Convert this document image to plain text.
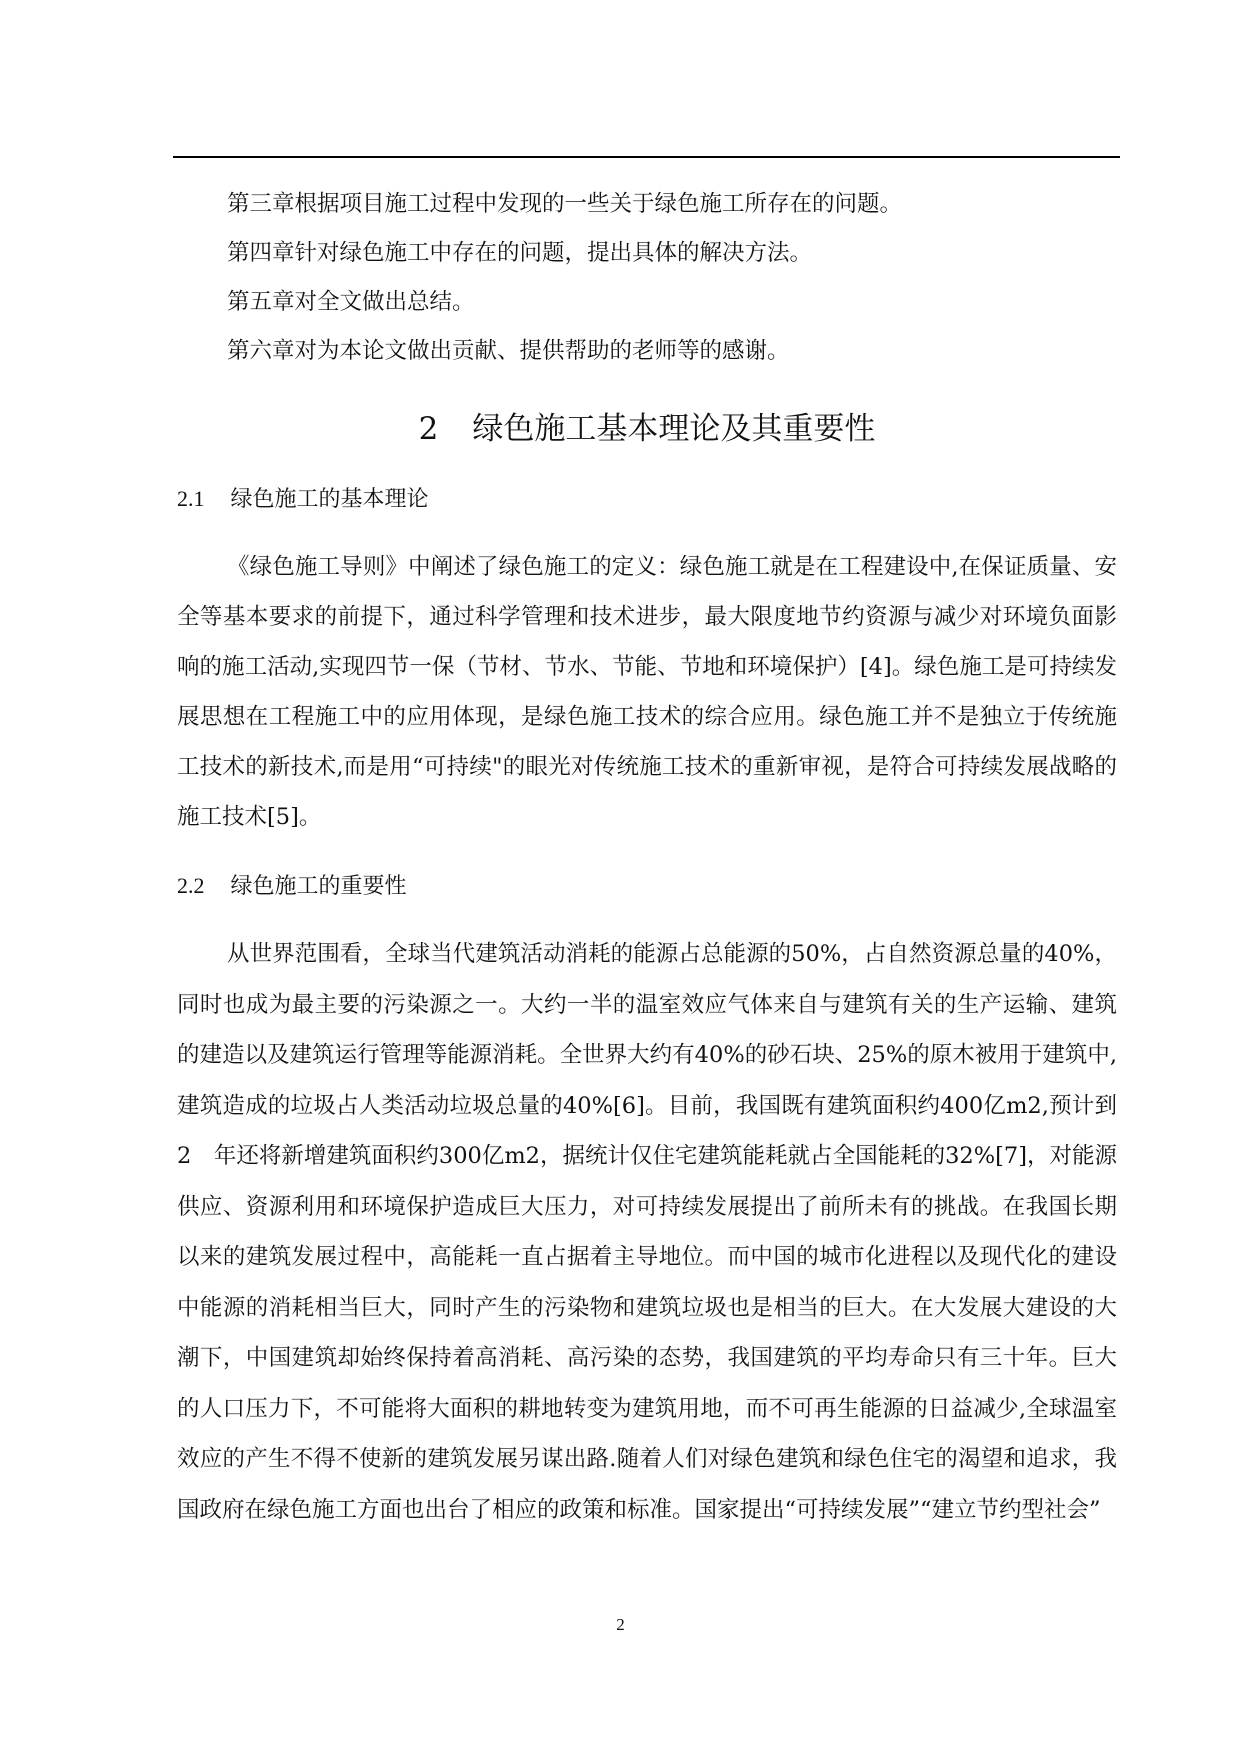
第三章根据项目施工过程中发现的一些关于绿色施工所存在的问题。

第四章针对绿色施工中存在的问题，提出具体的解决方法。

第五章对全文做出总结。

第六章对为本论文做出贡献、提供帮助的老师等的感谢。

2 绿色施工基本理论及其重要性
2.1 绿色施工的基本理论

《绿色施工导则》中阐述了绿色施工的定义：绿色施工就是在工程建设中,在保证质量、安全等基本要求的前提下，通过科学管理和技术进步，最大限度地节约资源与减少对环境负面影响的施工活动,实现四节一保（节材、节水、节能、节地和环境保护）[4]。绿色施工是可持续发展思想在工程施工中的应用体现，是绿色施工技术的综合应用。绿色施工并不是独立于传统施工技术的新技术,而是用“可持续"的眼光对传统施工技术的重新审视，是符合可持续发展战略的施工技术[5]。

2.2 绿色施工的重要性

从世界范围看，全球当代建筑活动消耗的能源占总能源的50%，占自然资源总量的40%，同时也成为最主要的污染源之一。大约一半的温室效应气体来自与建筑有关的生产运输、建筑的建造以及建筑运行管理等能源消耗。全世界大约有40%的砂石块、25%的原木被用于建筑中,建筑造成的垃圾占人类活动垃圾总量的40%[6]。目前，我国既有建筑面积约400亿m2,预计到2　年还将新增建筑面积约300亿m2，据统计仅住宅建筑能耗就占全国能耗的32%[7]，对能源供应、资源利用和环境保护造成巨大压力，对可持续发展提出了前所未有的挑战。在我国长期以来的建筑发展过程中，高能耗一直占据着主导地位。而中国的城市化进程以及现代化的建设中能源的消耗相当巨大，同时产生的污染物和建筑垃圾也是相当的巨大。在大发展大建设的大潮下，中国建筑却始终保持着高消耗、高污染的态势，我国建筑的平均寿命只有三十年。巨大的人口压力下，不可能将大面积的耕地转变为建筑用地，而不可再生能源的日益减少,全球温室效应的产生不得不使新的建筑发展另谋出路.随着人们对绿色建筑和绿色住宅的渴望和追求，我国政府在绿色施工方面也出台了相应的政策和标准。国家提出“可持续发展”“建立节约型社会”

2
